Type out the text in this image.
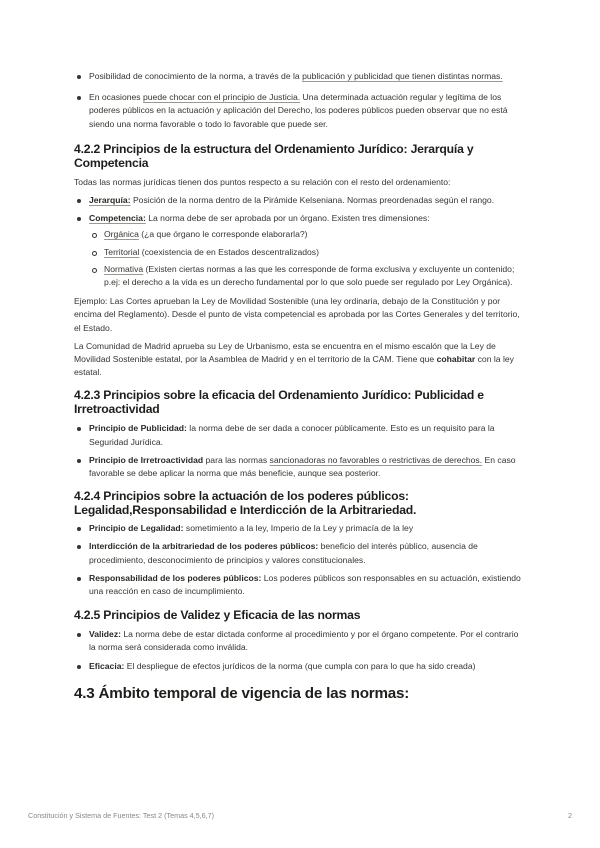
Posibilidad de conocimiento de la norma, a través de la publicación y publicidad que tienen distintas normas.
En ocasiones puede chocar con el principio de Justicia. Una determinada actuación regular y legítima de los poderes públicos en la actuación y aplicación del Derecho, los poderes públicos pueden observar que no está siendo una norma favorable o todo lo favorable que puede ser.
4.2.2 Principios de la estructura del Ordenamiento Jurídico: Jerarquía y Competencia

Todas las normas jurídicas tienen dos puntos respecto a su relación con el resto del ordenamiento:

Jerarquía: Posición de la norma dentro de la Pirámide Kelseniana. Normas preordenadas según el rango.
Competencia: La norma debe de ser aprobada por un órgano. Existen tres dimensiones:
Orgánica (¿a que órgano le corresponde elaborarla?)
Territorial (coexistencia de en Estados descentralizados)
Normativa (Existen ciertas normas a las que les corresponde de forma exclusiva y excluyente un contenido; p.ej: el derecho a la vida es un derecho fundamental por lo que solo puede ser regulado por Ley Orgánica).

Ejemplo: Las Cortes aprueban la Ley de Movilidad Sostenible (una ley ordinaria, debajo de la Constitución y por encima del Reglamento). Desde el punto de vista competencial es aprobada por las Cortes Generales y del territorio, el Estado.

La Comunidad de Madrid aprueba su Ley de Urbanismo, esta se encuentra en el mismo escalón que la Ley de Movilidad Sostenible estatal, por la Asamblea de Madrid y en el territorio de la CAM. Tiene que cohabitar con la ley estatal.

4.2.3 Principios sobre la eficacia del Ordenamiento Jurídico: Publicidad e Irretroactividad
Principio de Publicidad: la norma debe de ser dada a conocer públicamente. Esto es un requisito para la Seguridad Jurídica.
Principio de Irretroactividad para las normas sancionadoras no favorables o restrictivas de derechos. En caso favorable se debe aplicar la norma que más beneficie, aunque sea posterior.
4.2.4 Principios sobre la actuación de los poderes públicos: Legalidad,Responsabilidad e Interdicción de la Arbitrariedad.
Principio de Legalidad: sometimiento a la ley, Imperio de la Ley y primacía de la ley
Interdicción de la arbitrariedad de los poderes públicos: beneficio del interés público, ausencia de procedimiento, desconocimiento de principios y valores constitucionales.
Responsabilidad de los poderes públicos: Los poderes públicos son responsables en su actuación, existiendo una reacción en caso de incumplimiento.
4.2.5 Principios de Validez y Eficacia de las normas
Validez: La norma debe de estar dictada conforme al procedimiento y por el órgano competente. Por el contrario la norma será considerada como inválida.
Eficacia: El despliegue de efectos jurídicos de la norma (que cumpla con para lo que ha sido creada)
4.3 Ámbito temporal de vigencia de las normas:
Constitución y Sistema de Fuentes: Test 2 (Temas 4,5,6,7)	2
